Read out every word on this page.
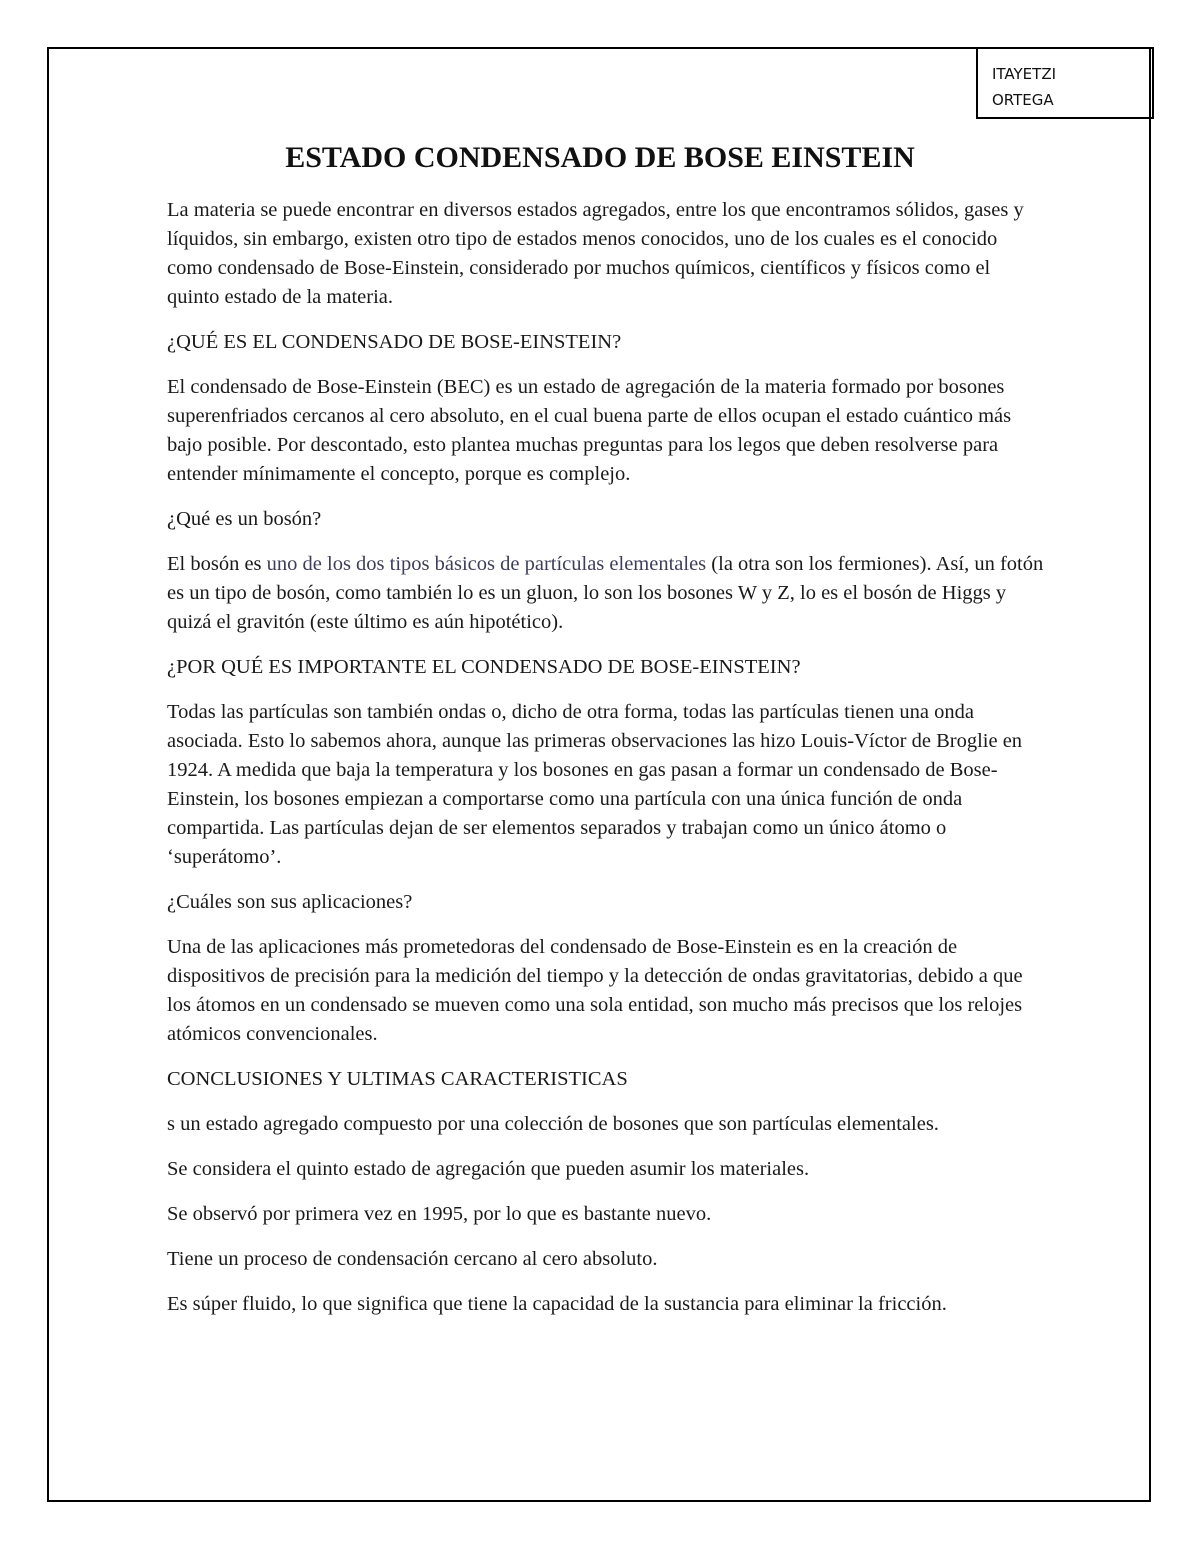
ITAYETZI
ORTEGA
ESTADO CONDENSADO DE BOSE EINSTEIN

La materia se puede encontrar en diversos estados agregados, entre los que encontramos sólidos, gases y líquidos, sin embargo, existen otro tipo de estados menos conocidos, uno de los cuales es el conocido como condensado de Bose-Einstein, considerado por muchos químicos, científicos y físicos como el quinto estado de la materia.

¿QUÉ ES EL CONDENSADO DE BOSE-EINSTEIN?

El condensado de Bose-Einstein (BEC) es un estado de agregación de la materia formado por bosones superenfriados cercanos al cero absoluto, en el cual buena parte de ellos ocupan el estado cuántico más bajo posible. Por descontado, esto plantea muchas preguntas para los legos que deben resolverse para entender mínimamente el concepto, porque es complejo.

¿Qué es un bosón?

El bosón es uno de los dos tipos básicos de partículas elementales (la otra son los fermiones). Así, un fotón es un tipo de bosón, como también lo es un gluon, lo son los bosones W y Z, lo es el bosón de Higgs y quizá el gravitón (este último es aún hipotético).

¿POR QUÉ ES IMPORTANTE EL CONDENSADO DE BOSE-EINSTEIN?

Todas las partículas son también ondas o, dicho de otra forma, todas las partículas tienen una onda asociada. Esto lo sabemos ahora, aunque las primeras observaciones las hizo Louis-Víctor de Broglie en 1924. A medida que baja la temperatura y los bosones en gas pasan a formar un condensado de Bose-Einstein, los bosones empiezan a comportarse como una partícula con una única función de onda compartida. Las partículas dejan de ser elementos separados y trabajan como un único átomo o ‘superátomo’.

¿Cuáles son sus aplicaciones?

Una de las aplicaciones más prometedoras del condensado de Bose-Einstein es en la creación de dispositivos de precisión para la medición del tiempo y la detección de ondas gravitatorias, debido a que los átomos en un condensado se mueven como una sola entidad, son mucho más precisos que los relojes atómicos convencionales.

CONCLUSIONES Y ULTIMAS CARACTERISTICAS

s un estado agregado compuesto por una colección de bosones que son partículas elementales.

Se considera el quinto estado de agregación que pueden asumir los materiales.

Se observó por primera vez en 1995, por lo que es bastante nuevo.

Tiene un proceso de condensación cercano al cero absoluto.

Es súper fluido, lo que significa que tiene la capacidad de la sustancia para eliminar la fricción.
